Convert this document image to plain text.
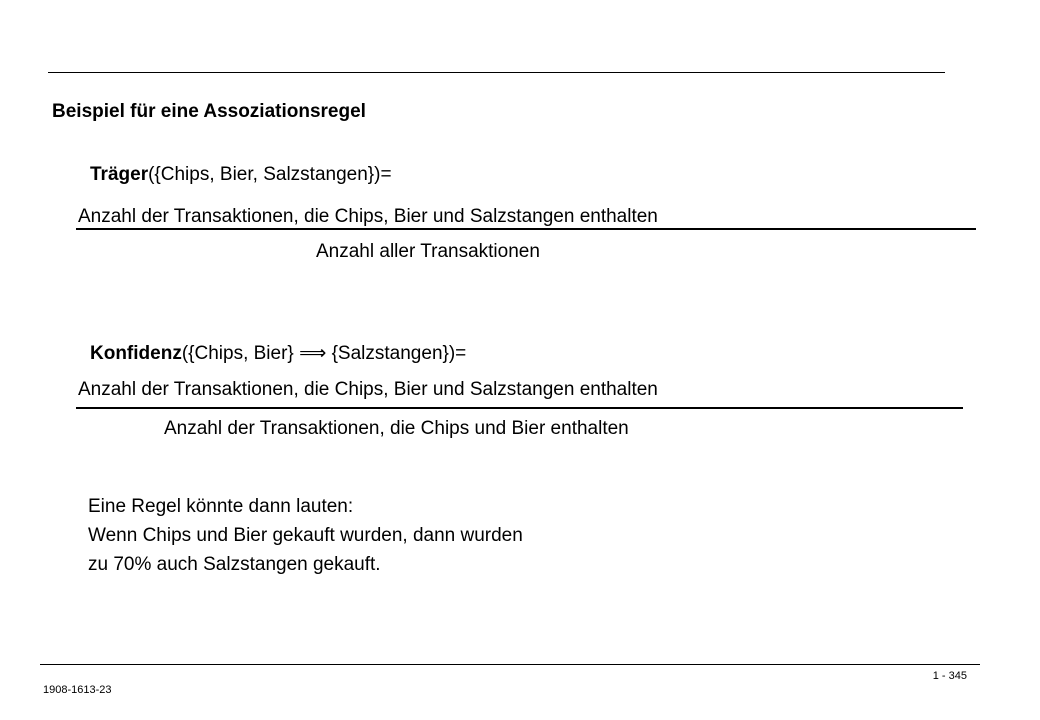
Beispiel für eine Assoziationsregel
Träger({Chips, Bier, Salzstangen})=
Anzahl der Transaktionen, die Chips, Bier und Salzstangen enthalten
Anzahl aller Transaktionen
Konfidenz({Chips, Bier} ⟹ {Salzstangen})=
Anzahl der Transaktionen, die Chips, Bier und Salzstangen enthalten
Anzahl der Transaktionen, die Chips und Bier enthalten
Eine Regel könnte dann lauten:
Wenn Chips und Bier gekauft wurden, dann wurden
zu 70% auch Salzstangen gekauft.
1 - 345
1908-1613-23
